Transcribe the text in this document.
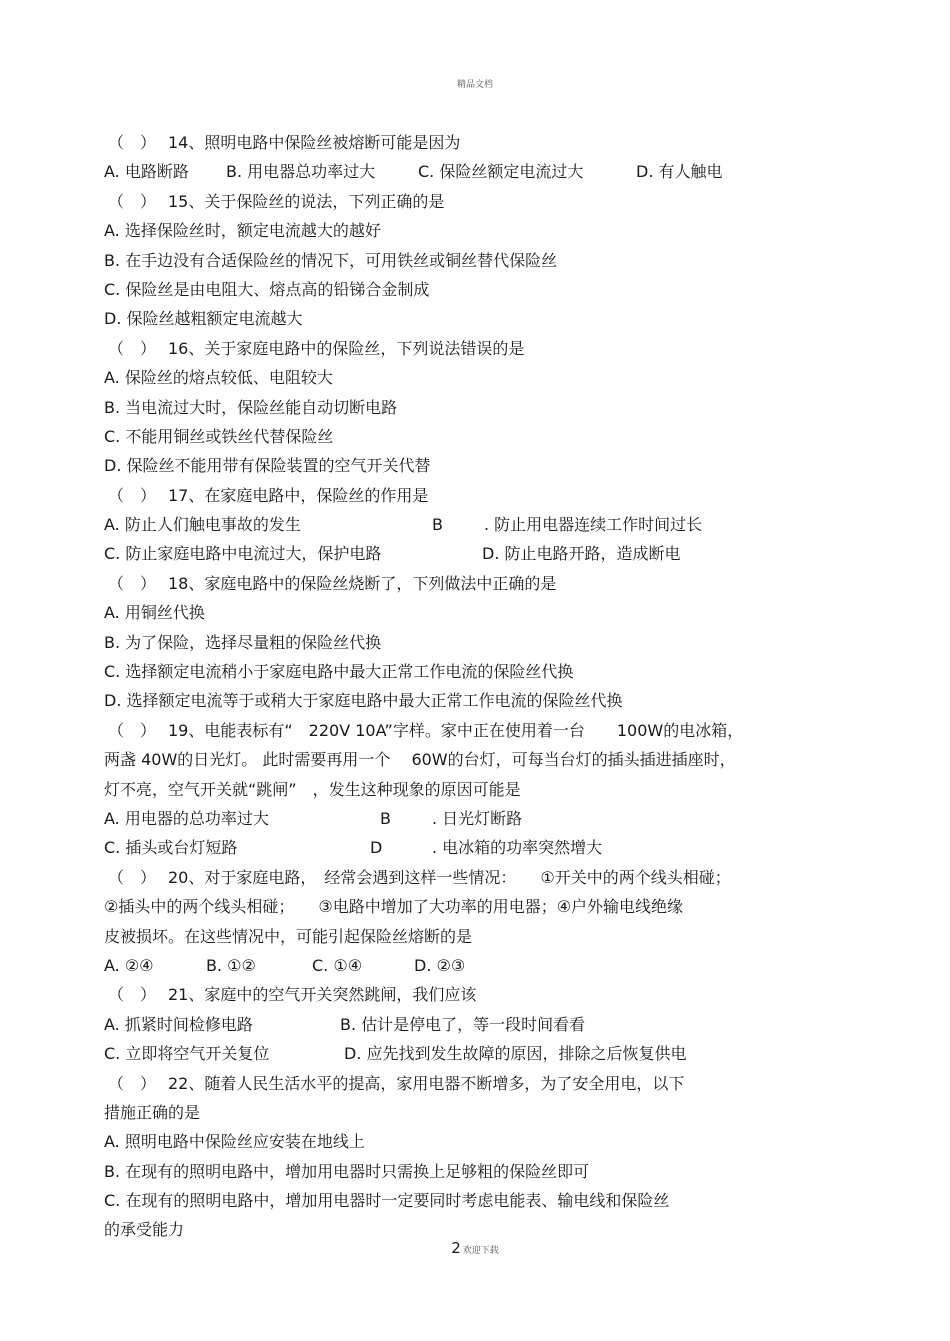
精品文档
（　） 14、照明电路中保险丝被熔断可能是因为
A. 电路断路 B. 用电器总功率过大	C. 保险丝额定电流过大	D. 有人触电
（　） 15、关于保险丝的说法，下列正确的是
A. 选择保险丝时，额定电流越大的越好
B. 在手边没有合适保险丝的情况下，可用铁丝或铜丝替代保险丝
C. 保险丝是由电阻大、熔点高的铅锑合金制成
D. 保险丝越粗额定电流越大
（　） 16、关于家庭电路中的保险丝，下列说法错误的是
A. 保险丝的熔点较低、电阻较大
B. 当电流过大时，保险丝能自动切断电路
C. 不能用铜丝或铁丝代替保险丝
D. 保险丝不能用带有保险装置的空气开关代替
（　） 17、在家庭电路中，保险丝的作用是
A. 防止人们触电事故的发生	B	. 防止用电器连续工作时间过长
C. 防止家庭电路中电流过大，保护电路	D. 防止电路开路，造成断电
（　） 18、家庭电路中的保险丝烧断了，下列做法中正确的是
A. 用铜丝代换
B. 为了保险，选择尽量粗的保险丝代换
C. 选择额定电流稍小于家庭电路中最大正常工作电流的保险丝代换
D. 选择额定电流等于或稍大于家庭电路中最大正常工作电流的保险丝代换
（　） 19、电能表标有“　220V 10A”字样。家中正在使用着一台　　100W的电冰箱，
两盏 40W的日光灯。 此时需要再用一个　 60W的台灯，可每当台灯的插头插进插座时，
灯不亮，空气开关就“跳闸”　，发生这种现象的原因可能是
A. 用电器的总功率过大	B	. 日光灯断路
C. 插头或台灯短路	D	. 电冰箱的功率突然增大
（　） 20、对于家庭电路，　经常会遇到这样一些情况：　　①开关中的两个线头相碰；
②插头中的两个线头相碰；　　③电路中增加了大功率的用电器；④户外输电线绝缘
皮被损坏。在这些情况中，可能引起保险丝熔断的是
A. ②④	B. ①②	C. ①④	D. ②③
（　） 21、家庭中的空气开关突然跳闸，我们应该
A. 抓紧时间检修电路	B. 估计是停电了，等一段时间看看
C. 立即将空气开关复位	D. 应先找到发生故障的原因，排除之后恢复供电
（　） 22、随着人民生活水平的提高，家用电器不断增多，为了安全用电，以下
措施正确的是
A. 照明电路中保险丝应安装在地线上
B. 在现有的照明电路中，增加用电器时只需换上足够粗的保险丝即可
C. 在现有的照明电路中，增加用电器时一定要同时考虑电能表、输电线和保险丝
的承受能力
2 欢迎下载
